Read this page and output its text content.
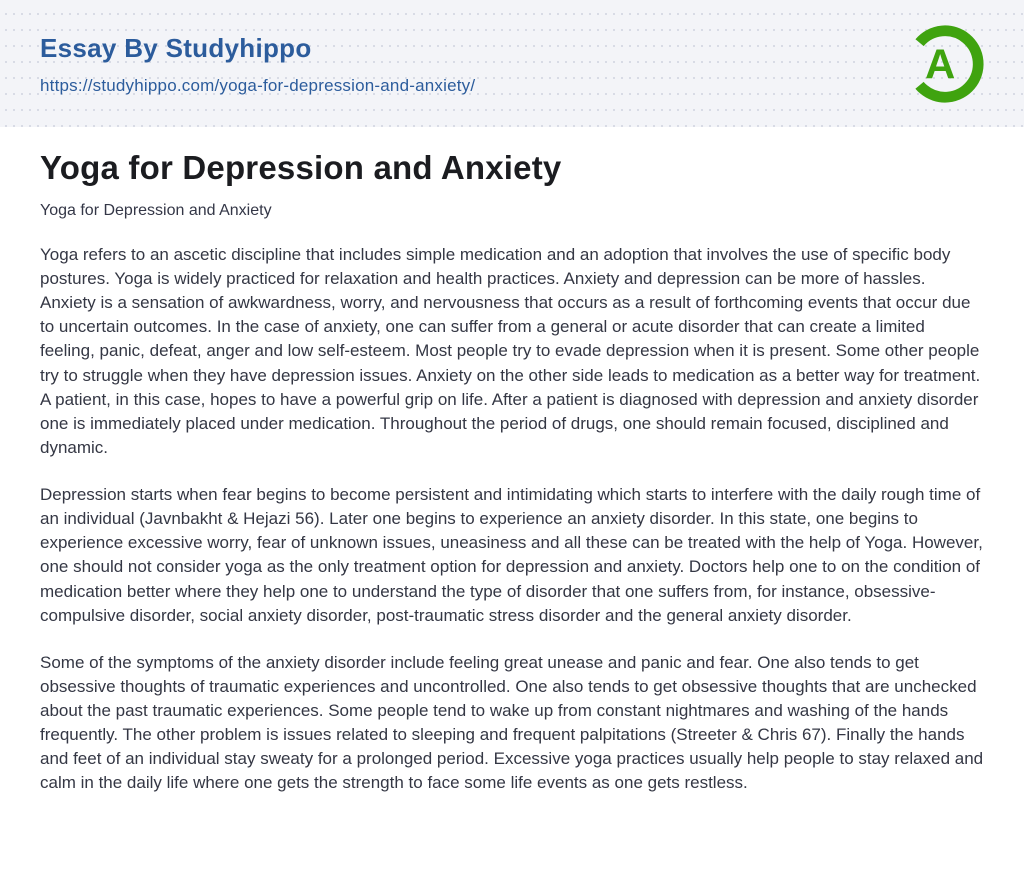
Essay By Studyhippo
https://studyhippo.com/yoga-for-depression-and-anxiety/	A
Yoga for Depression and Anxiety
Yoga for Depression and Anxiety

Yoga refers to an ascetic discipline that includes simple medication and an adoption that involves the use of specific body postures. Yoga is widely practiced for relaxation and health practices. Anxiety and depression can be more of hassles. Anxiety is a sensation of awkwardness, worry, and nervousness that occurs as a result of forthcoming events that occur due to uncertain outcomes. In the case of anxiety, one can suffer from a general or acute disorder that can create a limited feeling, panic, defeat, anger and low self-esteem. Most people try to evade depression when it is present. Some other people try to struggle when they have depression issues. Anxiety on the other side leads to medication as a better way for treatment. A patient, in this case, hopes to have a powerful grip on life. After a patient is diagnosed with depression and anxiety disorder one is immediately placed under medication. Throughout the period of drugs, one should remain focused, disciplined and dynamic.

Depression starts when fear begins to become persistent and intimidating which starts to interfere with the daily rough time of an individual (Javnbakht & Hejazi 56). Later one begins to experience an anxiety disorder. In this state, one begins to experience excessive worry, fear of unknown issues, uneasiness and all these can be treated with the help of Yoga. However, one should not consider yoga as the only treatment option for depression and anxiety. Doctors help one to on the condition of medication better where they help one to understand the type of disorder that one suffers from, for instance, obsessive-compulsive disorder, social anxiety disorder, post-traumatic stress disorder and the general anxiety disorder.

Some of the symptoms of the anxiety disorder include feeling great unease and panic and fear. One also tends to get obsessive thoughts of traumatic experiences and uncontrolled. One also tends to get obsessive thoughts that are unchecked about the past traumatic experiences. Some people tend to wake up from constant nightmares and washing of the hands frequently. The other problem is issues related to sleeping and frequent palpitations (Streeter & Chris 67). Finally the hands and feet of an individual stay sweaty for a prolonged period. Excessive yoga practices usually help people to stay relaxed and calm in the daily life where one gets the strength to face some life events as one gets restless.
